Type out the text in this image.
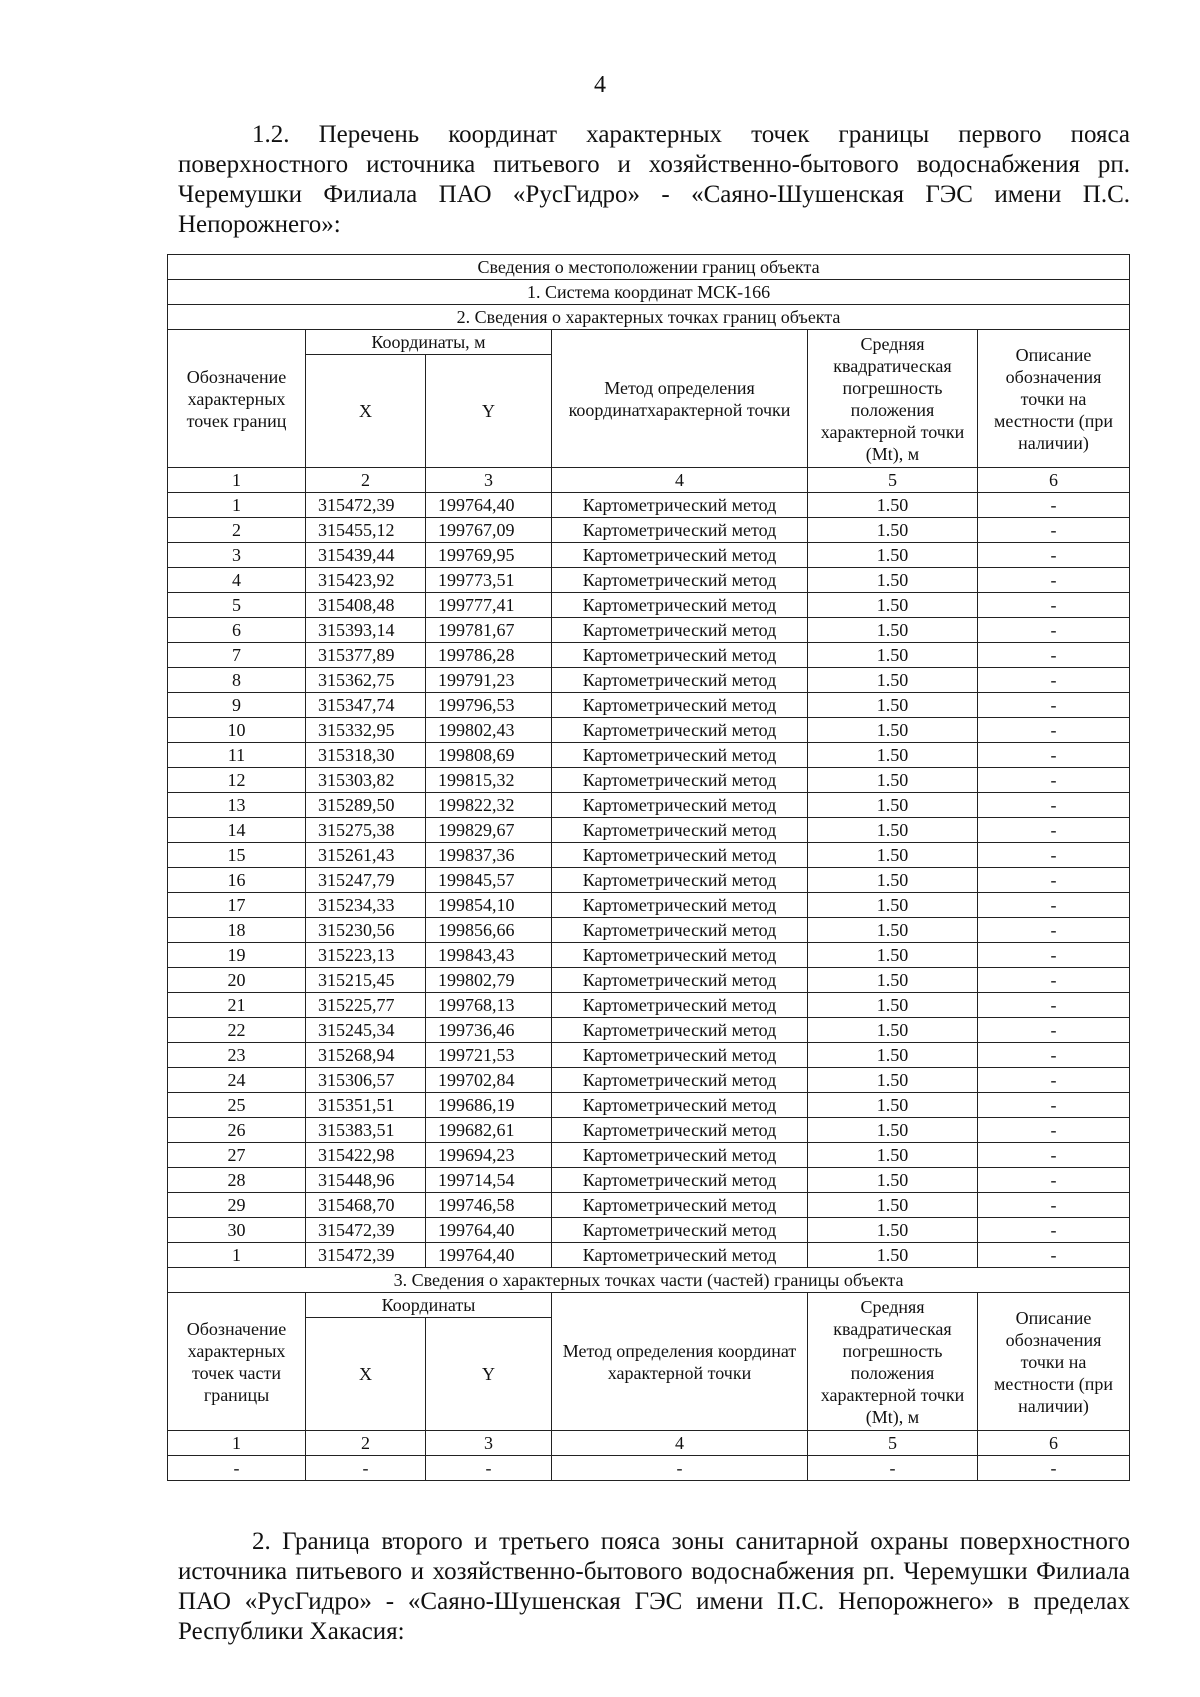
4
1.2. Перечень координат характерных точек границы первого пояса поверхностного источника питьевого и хозяйственно-бытового водоснабжения рп. Черемушки Филиала ПАО «РусГидро» - «Саяно-Шушенская ГЭС имени П.С. Непорожнего»:
Сведения о местоположении границ объекта					
1. Система координат МСК-166					
2. Сведения о характерных точках границ объекта					
Обозначение характерных точек границ	Координаты, м		Метод определения координатхарактерной точки	Средняя квадратическая погрешность положения характерной точки (Mt), м	Описание обозначения точки на местности (при наличии)
	X	Y			
1	2	3	4	5	6
1	315472,39	199764,40	Картометрический метод	1.50	-
2	315455,12	199767,09	Картометрический метод	1.50	-
3	315439,44	199769,95	Картометрический метод	1.50	-
4	315423,92	199773,51	Картометрический метод	1.50	-
5	315408,48	199777,41	Картометрический метод	1.50	-
6	315393,14	199781,67	Картометрический метод	1.50	-
7	315377,89	199786,28	Картометрический метод	1.50	-
8	315362,75	199791,23	Картометрический метод	1.50	-
9	315347,74	199796,53	Картометрический метод	1.50	-
10	315332,95	199802,43	Картометрический метод	1.50	-
11	315318,30	199808,69	Картометрический метод	1.50	-
12	315303,82	199815,32	Картометрический метод	1.50	-
13	315289,50	199822,32	Картометрический метод	1.50	-
14	315275,38	199829,67	Картометрический метод	1.50	-
15	315261,43	199837,36	Картометрический метод	1.50	-
16	315247,79	199845,57	Картометрический метод	1.50	-
17	315234,33	199854,10	Картометрический метод	1.50	-
18	315230,56	199856,66	Картометрический метод	1.50	-
19	315223,13	199843,43	Картометрический метод	1.50	-
20	315215,45	199802,79	Картометрический метод	1.50	-
21	315225,77	199768,13	Картометрический метод	1.50	-
22	315245,34	199736,46	Картометрический метод	1.50	-
23	315268,94	199721,53	Картометрический метод	1.50	-
24	315306,57	199702,84	Картометрический метод	1.50	-
25	315351,51	199686,19	Картометрический метод	1.50	-
26	315383,51	199682,61	Картометрический метод	1.50	-
27	315422,98	199694,23	Картометрический метод	1.50	-
28	315448,96	199714,54	Картометрический метод	1.50	-
29	315468,70	199746,58	Картометрический метод	1.50	-
30	315472,39	199764,40	Картометрический метод	1.50	-
1	315472,39	199764,40	Картометрический метод	1.50	-
3. Сведения о характерных точках части (частей) границы объекта					
Обозначение характерных точек части границы	Координаты		Метод определения координат характерной точки	Средняя квадратическая погрешность положения характерной точки (Mt), м	Описание обозначения точки на местности (при наличии)
	X	Y			
1	2	3	4	5	6
-	-	-	-	-	-
2. Граница второго и третьего пояса зоны санитарной охраны поверхностного источника питьевого и хозяйственно-бытового водоснабжения рп. Черемушки Филиала ПАО «РусГидро» - «Саяно-Шушенская ГЭС имени П.С. Непорожнего» в пределах Республики Хакасия:
